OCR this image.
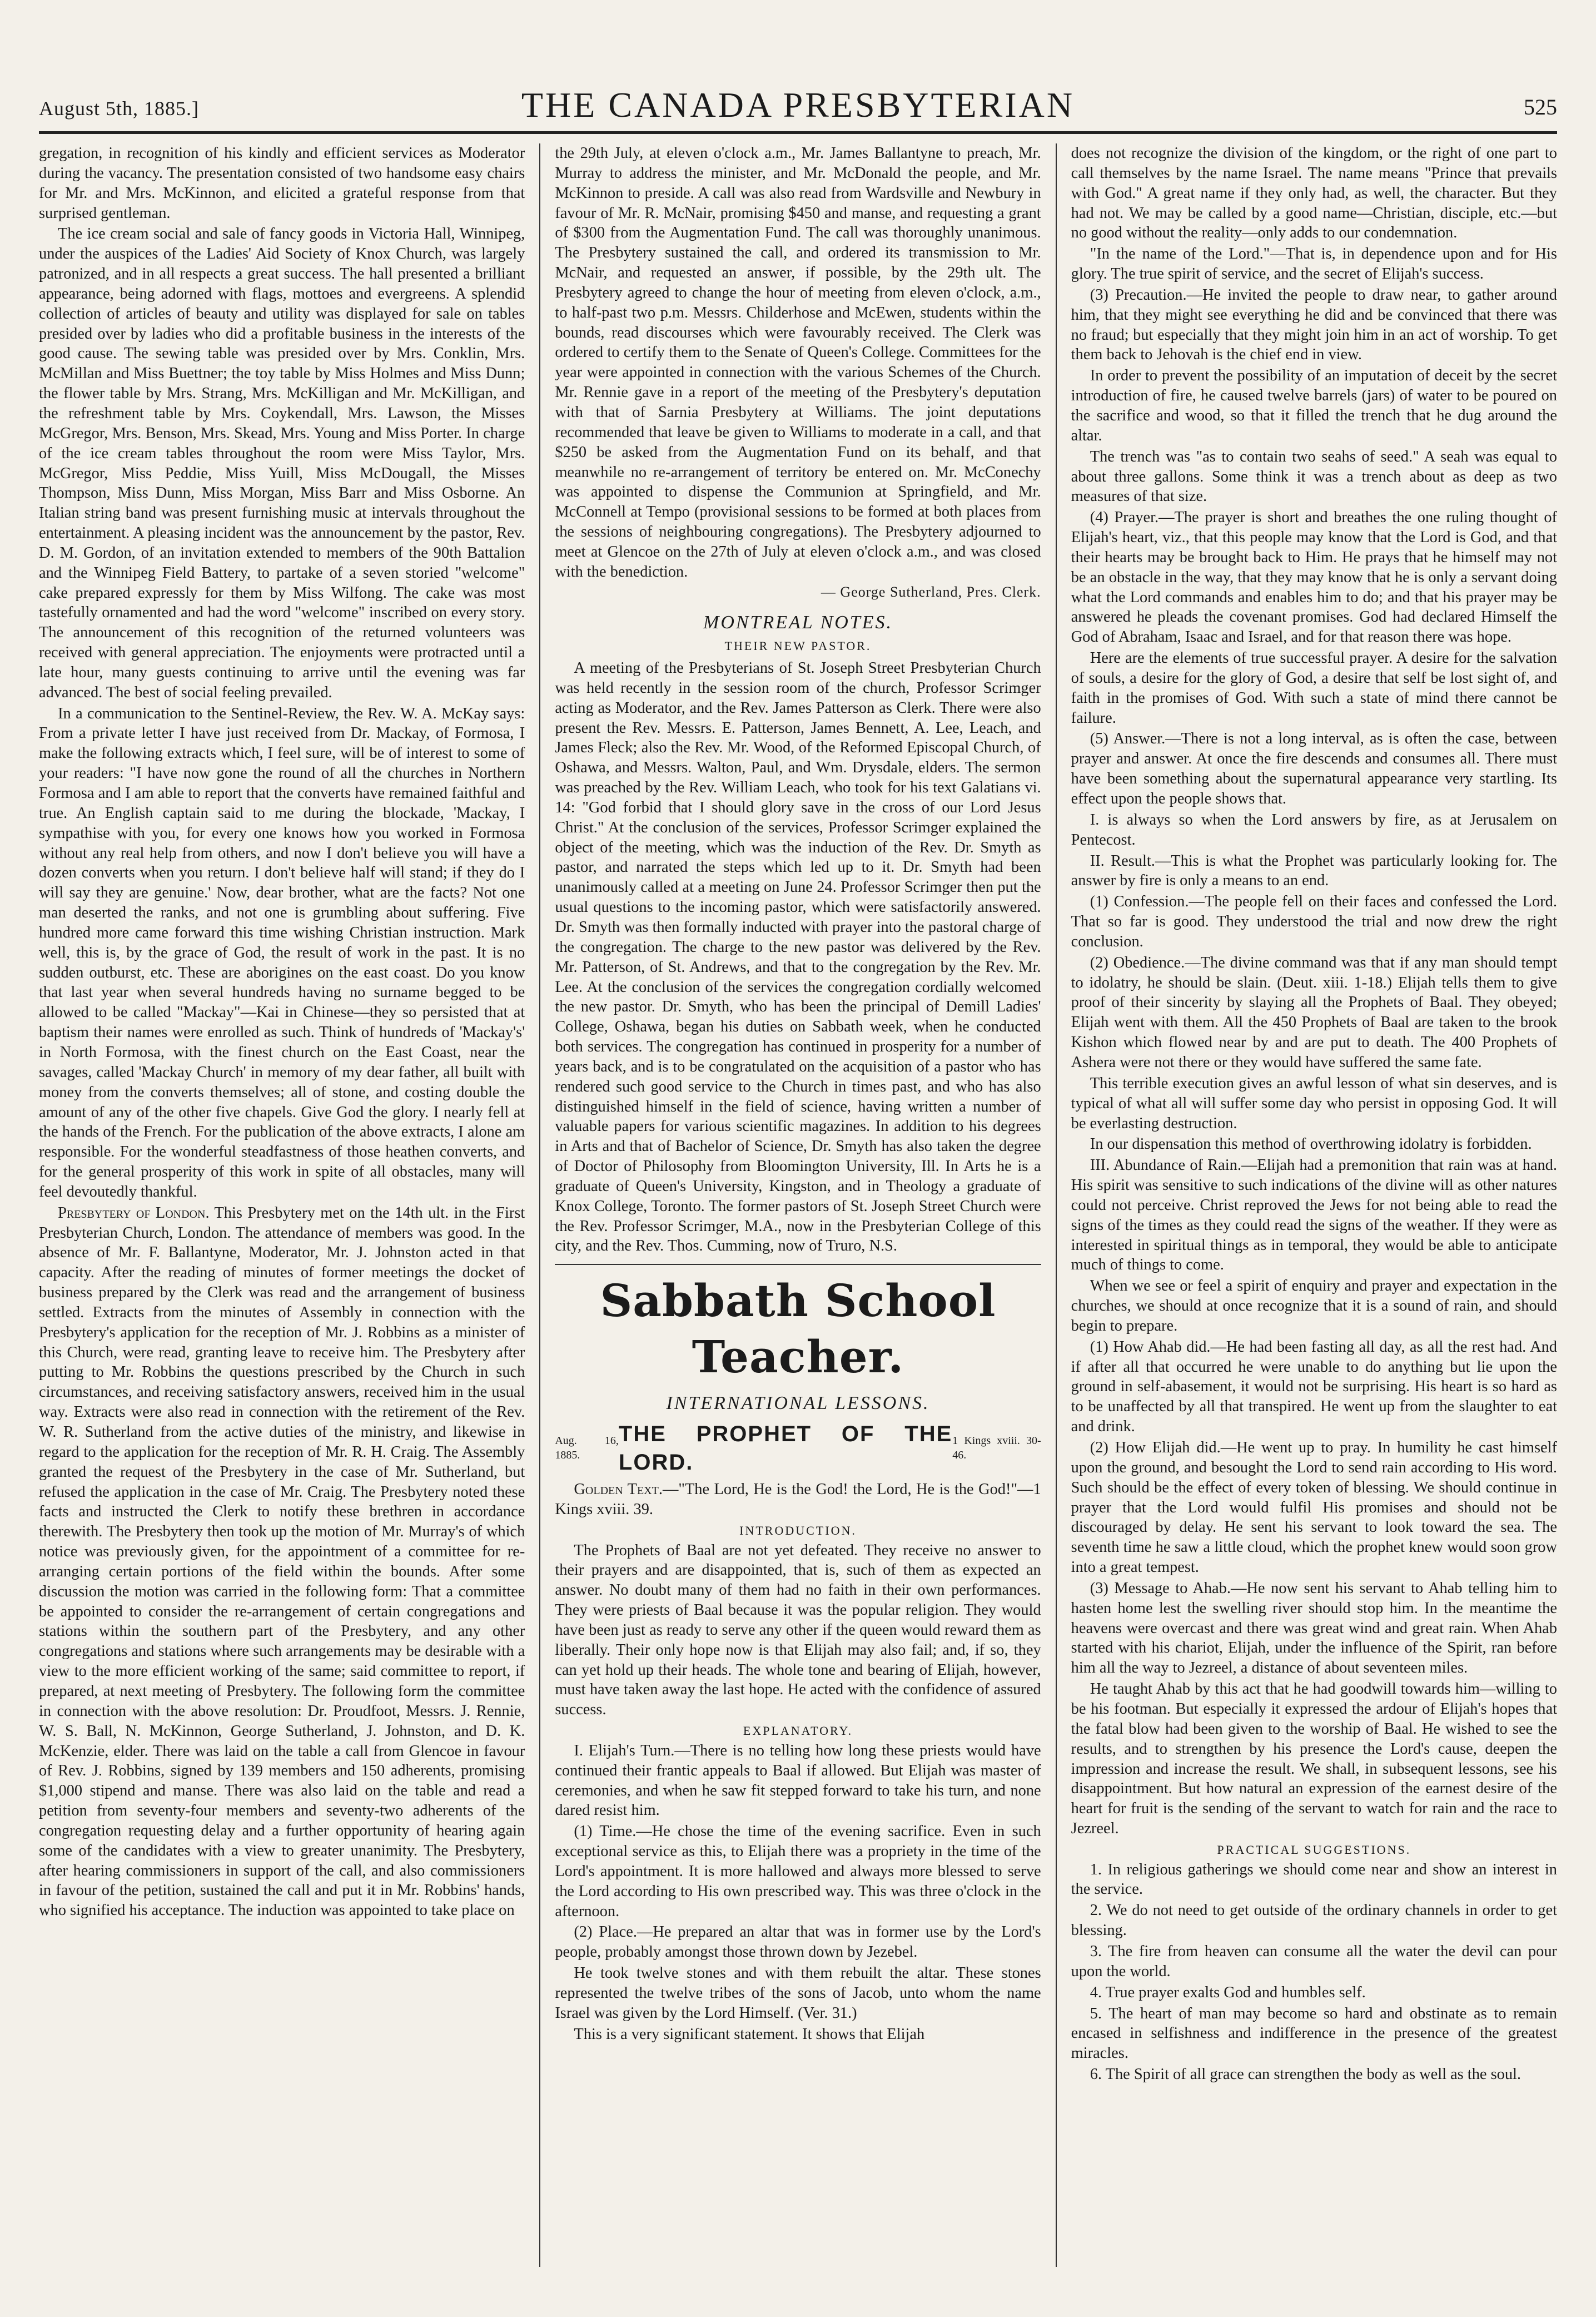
August 5th, 1885.]	THE CANADA PRESBYTERIAN	525

gregation, in recognition of his kindly and efficient services as Moderator during the vacancy. The presentation consisted of two handsome easy chairs for Mr. and Mrs. McKinnon, and elicited a grateful response from that surprised gentleman.

The ice cream social and sale of fancy goods in Victoria Hall, Winnipeg, under the auspices of the Ladies' Aid Society of Knox Church, was largely patronized, and in all respects a great success. The hall presented a brilliant appearance, being adorned with flags, mottoes and evergreens. A splendid collection of articles of beauty and utility was displayed for sale on tables presided over by ladies who did a profitable business in the interests of the good cause. The sewing table was presided over by Mrs. Conklin, Mrs. McMillan and Miss Buettner; the toy table by Miss Holmes and Miss Dunn; the flower table by Mrs. Strang, Mrs. McKilligan and Mr. McKilligan, and the refreshment table by Mrs. Coykendall, Mrs. Lawson, the Misses McGregor, Mrs. Benson, Mrs. Skead, Mrs. Young and Miss Porter. In charge of the ice cream tables throughout the room were Miss Taylor, Mrs. McGregor, Miss Peddie, Miss Yuill, Miss McDougall, the Misses Thompson, Miss Dunn, Miss Morgan, Miss Barr and Miss Osborne. An Italian string band was present furnishing music at intervals throughout the entertainment. A pleasing incident was the announcement by the pastor, Rev. D. M. Gordon, of an invitation extended to members of the 90th Battalion and the Winnipeg Field Battery, to partake of a seven storied "welcome" cake prepared expressly for them by Miss Wilfong. The cake was most tastefully ornamented and had the word "welcome" inscribed on every story. The announcement of this recognition of the returned volunteers was received with general appreciation. The enjoyments were protracted until a late hour, many guests continuing to arrive until the evening was far advanced. The best of social feeling prevailed.

In a communication to the Sentinel-Review, the Rev. W. A. McKay says: From a private letter I have just received from Dr. Mackay, of Formosa, I make the following extracts which, I feel sure, will be of interest to some of your readers: "I have now gone the round of all the churches in Northern Formosa and I am able to report that the converts have remained faithful and true. An English captain said to me during the blockade, 'Mackay, I sympathise with you, for every one knows how you worked in Formosa without any real help from others, and now I don't believe you will have a dozen converts when you return. I don't believe half will stand; if they do I will say they are genuine.' Now, dear brother, what are the facts? Not one man deserted the ranks, and not one is grumbling about suffering. Five hundred more came forward this time wishing Christian instruction. Mark well, this is, by the grace of God, the result of work in the past. It is no sudden outburst, etc. These are aborigines on the east coast. Do you know that last year when several hundreds having no surname begged to be allowed to be called "Mackay"—Kai in Chinese—they so persisted that at baptism their names were enrolled as such. Think of hundreds of 'Mackay's' in North Formosa, with the finest church on the East Coast, near the savages, called 'Mackay Church' in memory of my dear father, all built with money from the converts themselves; all of stone, and costing double the amount of any of the other five chapels. Give God the glory. I nearly fell at the hands of the French. For the publication of the above extracts, I alone am responsible. For the wonderful steadfastness of those heathen converts, and for the general prosperity of this work in spite of all obstacles, many will feel devoutedly thankful.

Presbytery of London. This Presbytery met on the 14th ult. in the First Presbyterian Church, London. The attendance of members was good. In the absence of Mr. F. Ballantyne, Moderator, Mr. J. Johnston acted in that capacity. After the reading of minutes of former meetings the docket of business prepared by the Clerk was read and the arrangement of business settled. Extracts from the minutes of Assembly in connection with the Presbytery's application for the reception of Mr. J. Robbins as a minister of this Church, were read, granting leave to receive him. The Presbytery after putting to Mr. Robbins the questions prescribed by the Church in such circumstances, and receiving satisfactory answers, received him in the usual way. Extracts were also read in connection with the retirement of the Rev. W. R. Sutherland from the active duties of the ministry, and likewise in regard to the application for the reception of Mr. R. H. Craig. The Assembly granted the request of the Presbytery in the case of Mr. Sutherland, but refused the application in the case of Mr. Craig. The Presbytery noted these facts and instructed the Clerk to notify these brethren in accordance therewith. The Presbytery then took up the motion of Mr. Murray's of which notice was previously given, for the appointment of a committee for re-arranging certain portions of the field within the bounds. After some discussion the motion was carried in the following form: That a committee be appointed to consider the re-arrangement of certain congregations and stations within the southern part of the Presbytery, and any other congregations and stations where such arrangements may be desirable with a view to the more efficient working of the same; said committee to report, if prepared, at next meeting of Presbytery. The following form the committee in connection with the above resolution: Dr. Proudfoot, Messrs. J. Rennie, W. S. Ball, N. McKinnon, George Sutherland, J. Johnston, and D. K. McKenzie, elder. There was laid on the table a call from Glencoe in favour of Rev. J. Robbins, signed by 139 members and 150 adherents, promising $1,000 stipend and manse. There was also laid on the table and read a petition from seventy-four members and seventy-two adherents of the congregation requesting delay and a further opportunity of hearing again some of the candidates with a view to greater unanimity. The Presbytery, after hearing commissioners in support of the call, and also commissioners in favour of the petition, sustained the call and put it in Mr. Robbins' hands, who signified his acceptance. The induction was appointed to take place on

the 29th July, at eleven o'clock a.m., Mr. James Ballantyne to preach, Mr. Murray to address the minister, and Mr. McDonald the people, and Mr. McKinnon to preside. A call was also read from Wardsville and Newbury in favour of Mr. R. McNair, promising $450 and manse, and requesting a grant of $300 from the Augmentation Fund. The call was thoroughly unanimous. The Presbytery sustained the call, and ordered its transmission to Mr. McNair, and requested an answer, if possible, by the 29th ult. The Presbytery agreed to change the hour of meeting from eleven o'clock, a.m., to half-past two p.m. Messrs. Childerhose and McEwen, students within the bounds, read discourses which were favourably received. The Clerk was ordered to certify them to the Senate of Queen's College. Committees for the year were appointed in connection with the various Schemes of the Church. Mr. Rennie gave in a report of the meeting of the Presbytery's deputation with that of Sarnia Presbytery at Williams. The joint deputations recommended that leave be given to Williams to moderate in a call, and that $250 be asked from the Augmentation Fund on its behalf, and that meanwhile no re-arrangement of territory be entered on. Mr. McConechy was appointed to dispense the Communion at Springfield, and Mr. McConnell at Tempo (provisional sessions to be formed at both places from the sessions of neighbouring congregations). The Presbytery adjourned to meet at Glencoe on the 27th of July at eleven o'clock a.m., and was closed with the benediction.

— George Sutherland, Pres. Clerk.
MONTREAL NOTES.
THEIR NEW PASTOR.

A meeting of the Presbyterians of St. Joseph Street Presbyterian Church was held recently in the session room of the church, Professor Scrimger acting as Moderator, and the Rev. James Patterson as Clerk. There were also present the Rev. Messrs. E. Patterson, James Bennett, A. Lee, Leach, and James Fleck; also the Rev. Mr. Wood, of the Reformed Episcopal Church, of Oshawa, and Messrs. Walton, Paul, and Wm. Drysdale, elders. The sermon was preached by the Rev. William Leach, who took for his text Galatians vi. 14: "God forbid that I should glory save in the cross of our Lord Jesus Christ." At the conclusion of the services, Professor Scrimger explained the object of the meeting, which was the induction of the Rev. Dr. Smyth as pastor, and narrated the steps which led up to it. Dr. Smyth had been unanimously called at a meeting on June 24. Professor Scrimger then put the usual questions to the incoming pastor, which were satisfactorily answered. Dr. Smyth was then formally inducted with prayer into the pastoral charge of the congregation. The charge to the new pastor was delivered by the Rev. Mr. Patterson, of St. Andrews, and that to the congregation by the Rev. Mr. Lee. At the conclusion of the services the congregation cordially welcomed the new pastor. Dr. Smyth, who has been the principal of Demill Ladies' College, Oshawa, began his duties on Sabbath week, when he conducted both services. The congregation has continued in prosperity for a number of years back, and is to be congratulated on the acquisition of a pastor who has rendered such good service to the Church in times past, and who has also distinguished himself in the field of science, having written a number of valuable papers for various scientific magazines. In addition to his degrees in Arts and that of Bachelor of Science, Dr. Smyth has also taken the degree of Doctor of Philosophy from Bloomington University, Ill. In Arts he is a graduate of Queen's University, Kingston, and in Theology a graduate of Knox College, Toronto. The former pastors of St. Joseph Street Church were the Rev. Professor Scrimger, M.A., now in the Presbyterian College of this city, and the Rev. Thos. Cumming, now of Truro, N.S.

Sabbath School Teacher.
INTERNATIONAL LESSONS.
Aug. 16, 1885.
THE PROPHET OF THE LORD.
1 Kings xviii. 30-46.

Golden Text.—"The Lord, He is the God! the Lord, He is the God!"—1 Kings xviii. 39.

INTRODUCTION.

The Prophets of Baal are not yet defeated. They receive no answer to their prayers and are disappointed, that is, such of them as expected an answer. No doubt many of them had no faith in their own performances. They were priests of Baal because it was the popular religion. They would have been just as ready to serve any other if the queen would reward them as liberally. Their only hope now is that Elijah may also fail; and, if so, they can yet hold up their heads. The whole tone and bearing of Elijah, however, must have taken away the last hope. He acted with the confidence of assured success.

EXPLANATORY.

I. Elijah's Turn.—There is no telling how long these priests would have continued their frantic appeals to Baal if allowed. But Elijah was master of ceremonies, and when he saw fit stepped forward to take his turn, and none dared resist him.

(1) Time.—He chose the time of the evening sacrifice. Even in such exceptional service as this, to Elijah there was a propriety in the time of the Lord's appointment. It is more hallowed and always more blessed to serve the Lord according to His own prescribed way. This was three o'clock in the afternoon.

(2) Place.—He prepared an altar that was in former use by the Lord's people, probably amongst those thrown down by Jezebel.

He took twelve stones and with them rebuilt the altar. These stones represented the twelve tribes of the sons of Jacob, unto whom the name Israel was given by the Lord Himself. (Ver. 31.)

This is a very significant statement. It shows that Elijah

does not recognize the division of the kingdom, or the right of one part to call themselves by the name Israel. The name means "Prince that prevails with God." A great name if they only had, as well, the character. But they had not. We may be called by a good name—Christian, disciple, etc.—but no good without the reality—only adds to our condemnation.

"In the name of the Lord."—That is, in dependence upon and for His glory. The true spirit of service, and the secret of Elijah's success.

(3) Precaution.—He invited the people to draw near, to gather around him, that they might see everything he did and be convinced that there was no fraud; but especially that they might join him in an act of worship. To get them back to Jehovah is the chief end in view.

In order to prevent the possibility of an imputation of deceit by the secret introduction of fire, he caused twelve barrels (jars) of water to be poured on the sacrifice and wood, so that it filled the trench that he dug around the altar.

The trench was "as to contain two seahs of seed." A seah was equal to about three gallons. Some think it was a trench about as deep as two measures of that size.

(4) Prayer.—The prayer is short and breathes the one ruling thought of Elijah's heart, viz., that this people may know that the Lord is God, and that their hearts may be brought back to Him. He prays that he himself may not be an obstacle in the way, that they may know that he is only a servant doing what the Lord commands and enables him to do; and that his prayer may be answered he pleads the covenant promises. God had declared Himself the God of Abraham, Isaac and Israel, and for that reason there was hope.

Here are the elements of true successful prayer. A desire for the salvation of souls, a desire for the glory of God, a desire that self be lost sight of, and faith in the promises of God. With such a state of mind there cannot be failure.

(5) Answer.—There is not a long interval, as is often the case, between prayer and answer. At once the fire descends and consumes all. There must have been something about the supernatural appearance very startling. Its effect upon the people shows that.

I. is always so when the Lord answers by fire, as at Jerusalem on Pentecost.

II. Result.—This is what the Prophet was particularly looking for. The answer by fire is only a means to an end.

(1) Confession.—The people fell on their faces and confessed the Lord. That so far is good. They understood the trial and now drew the right conclusion.

(2) Obedience.—The divine command was that if any man should tempt to idolatry, he should be slain. (Deut. xiii. 1-18.) Elijah tells them to give proof of their sincerity by slaying all the Prophets of Baal. They obeyed; Elijah went with them. All the 450 Prophets of Baal are taken to the brook Kishon which flowed near by and are put to death. The 400 Prophets of Ashera were not there or they would have suffered the same fate.

This terrible execution gives an awful lesson of what sin deserves, and is typical of what all will suffer some day who persist in opposing God. It will be everlasting destruction.

In our dispensation this method of overthrowing idolatry is forbidden.

III. Abundance of Rain.—Elijah had a premonition that rain was at hand. His spirit was sensitive to such indications of the divine will as other natures could not perceive. Christ reproved the Jews for not being able to read the signs of the times as they could read the signs of the weather. If they were as interested in spiritual things as in temporal, they would be able to anticipate much of things to come.

When we see or feel a spirit of enquiry and prayer and expectation in the churches, we should at once recognize that it is a sound of rain, and should begin to prepare.

(1) How Ahab did.—He had been fasting all day, as all the rest had. And if after all that occurred he were unable to do anything but lie upon the ground in self-abasement, it would not be surprising. His heart is so hard as to be unaffected by all that transpired. He went up from the slaughter to eat and drink.

(2) How Elijah did.—He went up to pray. In humility he cast himself upon the ground, and besought the Lord to send rain according to His word. Such should be the effect of every token of blessing. We should continue in prayer that the Lord would fulfil His promises and should not be discouraged by delay. He sent his servant to look toward the sea. The seventh time he saw a little cloud, which the prophet knew would soon grow into a great tempest.

(3) Message to Ahab.—He now sent his servant to Ahab telling him to hasten home lest the swelling river should stop him. In the meantime the heavens were overcast and there was great wind and great rain. When Ahab started with his chariot, Elijah, under the influence of the Spirit, ran before him all the way to Jezreel, a distance of about seventeen miles.

He taught Ahab by this act that he had goodwill towards him—willing to be his footman. But especially it expressed the ardour of Elijah's hopes that the fatal blow had been given to the worship of Baal. He wished to see the results, and to strengthen by his presence the Lord's cause, deepen the impression and increase the result. We shall, in subsequent lessons, see his disappointment. But how natural an expression of the earnest desire of the heart for fruit is the sending of the servant to watch for rain and the race to Jezreel.

PRACTICAL SUGGESTIONS.

1. In religious gatherings we should come near and show an interest in the service.

2. We do not need to get outside of the ordinary channels in order to get blessing.

3. The fire from heaven can consume all the water the devil can pour upon the world.

4. True prayer exalts God and humbles self.

5. The heart of man may become so hard and obstinate as to remain encased in selfishness and indifference in the presence of the greatest miracles.

6. The Spirit of all grace can strengthen the body as well as the soul.
